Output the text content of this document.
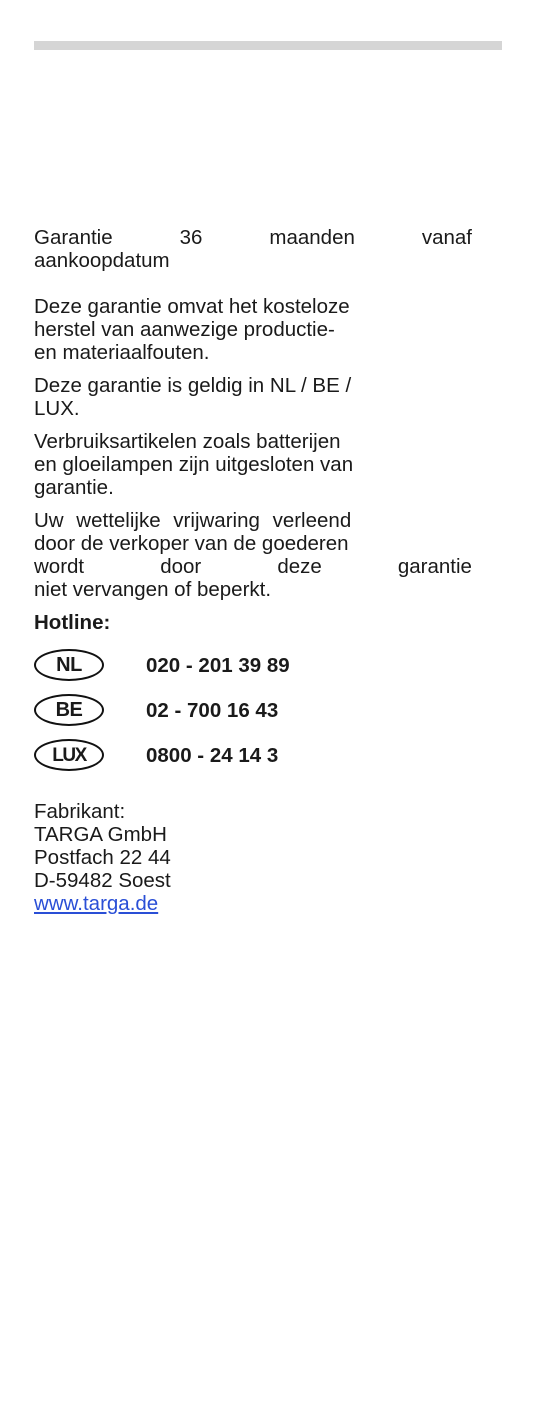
Garantie	36	maanden	vanaf
aankoopdatum
Deze garantie omvat het kosteloze
herstel van aanwezige productie-
en materiaalfouten.
Deze garantie is geldig in NL / BE /
LUX.
Verbruiksartikelen zoals batterijen
en gloeilampen zijn uitgesloten van
garantie.
Uw wettelijke vrijwaring verleend
door de verkoper van de goederen
wordt	door	deze	garantie
niet vervangen of beperkt.
Hotline:
NL	020 - 201 39 89
BE	02 - 700 16 43
LUX	0800 - 24 14 3
Fabrikant:
TARGA GmbH
Postfach 22 44
D-59482 Soest
www.targa.de
